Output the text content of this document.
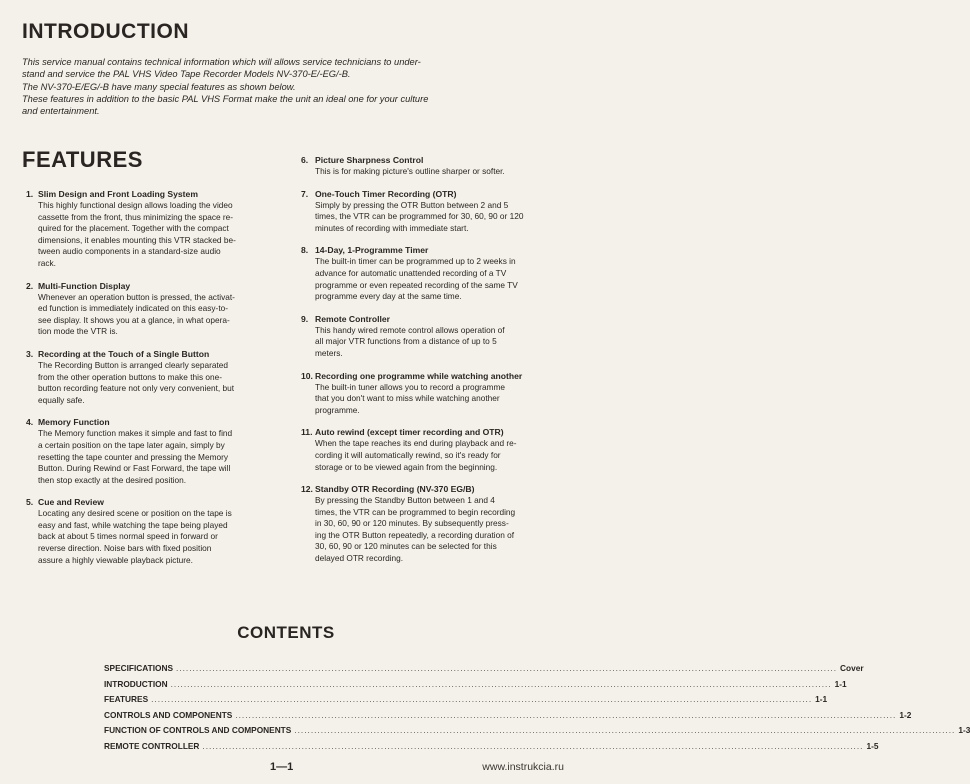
INTRODUCTION
This service manual contains technical information which will allows service technicians to under-
stand and service the PAL VHS Video Tape Recorder Models NV-370-E/-EG/-B.
The NV-370-E/EG/-B have many special features as shown below.
These features in addition to the basic PAL VHS Format make the unit an ideal one for your culture
and entertainment.
FEATURES
1. Slim Design and Front Loading System
This highly functional design allows loading the video
cassette from the front, thus minimizing the space re-
quired for the placement. Together with the compact
dimensions, it enables mounting this VTR stacked be-
tween audio components in a standard-size audio
rack.
2. Multi-Function Display
Whenever an operation button is pressed, the activat-
ed function is immediately indicated on this easy-to-
see display. It shows you at a glance, in what opera-
tion mode the VTR is.
3. Recording at the Touch of a Single Button
The Recording Button is arranged clearly separated
from the other operation buttons to make this one-
button recording feature not only very convenient, but
equally safe.
4. Memory Function
The Memory function makes it simple and fast to find
a certain position on the tape later again, simply by
resetting the tape counter and pressing the Memory
Button. During Rewind or Fast Forward, the tape will
then stop exactly at the desired position.
5. Cue and Review
Locating any desired scene or position on the tape is
easy and fast, while watching the tape being played
back at about 5 times normal speed in forward or
reverse direction. Noise bars with fixed position
assure a highly viewable playback picture.
6. Picture Sharpness Control
This is for making picture's outline sharper or softer.
7. One-Touch Timer Recording (OTR)
Simply by pressing the OTR Button between 2 and 5
times, the VTR can be programmed for 30, 60, 90 or 120
minutes of recording with immediate start.
8. 14-Day, 1-Programme Timer
The built-in timer can be programmed up to 2 weeks in
advance for automatic unattended recording of a TV
programme or even repeated recording of the same TV
programme every day at the same time.
9. Remote Controller
This handy wired remote control allows operation of
all major VTR functions from a distance of up to 5
meters.
10. Recording one programme while watching another
The built-in tuner allows you to record a programme
that you don't want to miss while watching another
programme.
11. Auto rewind (except timer recording and OTR)
When the tape reaches its end during playback and re-
cording it will automatically rewind, so it's ready for
storage or to be viewed again from the beginning.
12. Standby OTR Recording (NV-370 EG/B)
By pressing the Standby Button between 1 and 4
times, the VTR can be programmed to begin recording
in 30, 60, 90 or 120 minutes. By subsequently press-
ing the OTR Button repeatedly, a recording duration of
30, 60, 90 or 120 minutes can be selected for this
delayed OTR recording.
CONTENTS
SPECIFICATIONS ........................................................................................................................................................................................................ Cover
INTRODUCTION ........................................................................................................................................................................................................ 1-1
FEATURES ........................................................................................................................................................................................................ 1-1
CONTROLS AND COMPONENTS ........................................................................................................................................................................................................ 1-2
FUNCTION OF CONTROLS AND COMPONENTS ........................................................................................................................................................................................................ 1-3
REMOTE CONTROLLER ........................................................................................................................................................................................................ 1-5
1—1	www.instrukcia.ru
